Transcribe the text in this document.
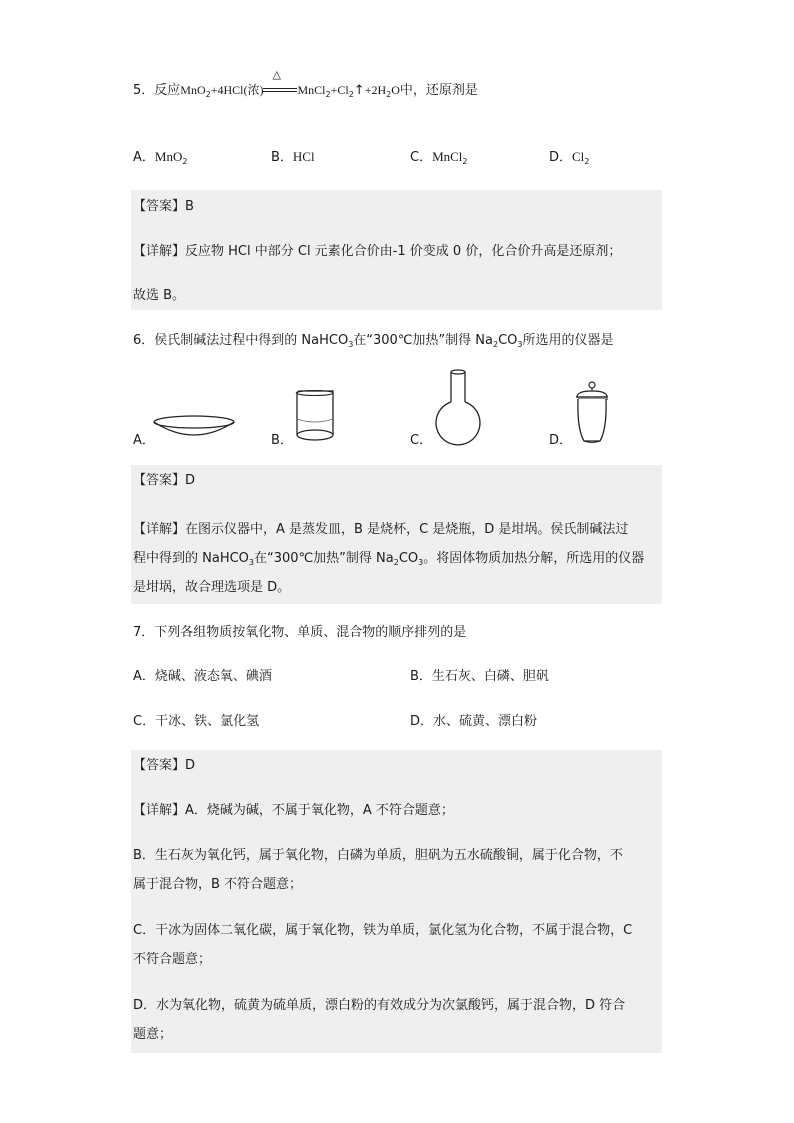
5．反应MnO$_2$+4HCl(浓)
△
$MnCl_2+Cl_2↑+2H_2O$中，还原剂是
A．MnO$_2$	B．HCl	C．MnCl$_2$	D．$Cl_2$
【答案】B
【详解】反应物 HCl 中部分 Cl 元素化合价由-1 价变成 0 价，化合价升高是还原剂；
故选 B。
6．侯氏制碱法过程中得到的 NaHCO$_3$在“300℃加热”制得 $Na_2CO_3$所选用的仪器是
A．	B．	C．	D．
【答案】D
【详解】在图示仪器中，A 是蒸发皿，B 是烧杯，C 是烧瓶，D 是坩埚。侯氏制碱法过
程中得到的 NaHCO$_3$在“300℃加热”制得 $Na_2CO_3$。将固体物质加热分解，所选用的仪器
是坩埚，故合理选项是 D。
7．下列各组物质按氧化物、单质、混合物的顺序排列的是
A．烧碱、液态氧、碘酒	B．生石灰、白磷、胆矾
C．干冰、铁、氯化氢	D．水、硫黄、漂白粉
【答案】D
【详解】A．烧碱为碱，不属于氧化物，A 不符合题意；
B．生石灰为氧化钙，属于氧化物，白磷为单质，胆矾为五水硫酸铜，属于化合物，不
属于混合物，B 不符合题意；
C．干冰为固体二氧化碳，属于氧化物，铁为单质，氯化氢为化合物，不属于混合物，C
不符合题意；
D．水为氧化物，硫黄为硫单质，漂白粉的有效成分为次氯酸钙，属于混合物，D 符合
题意；
